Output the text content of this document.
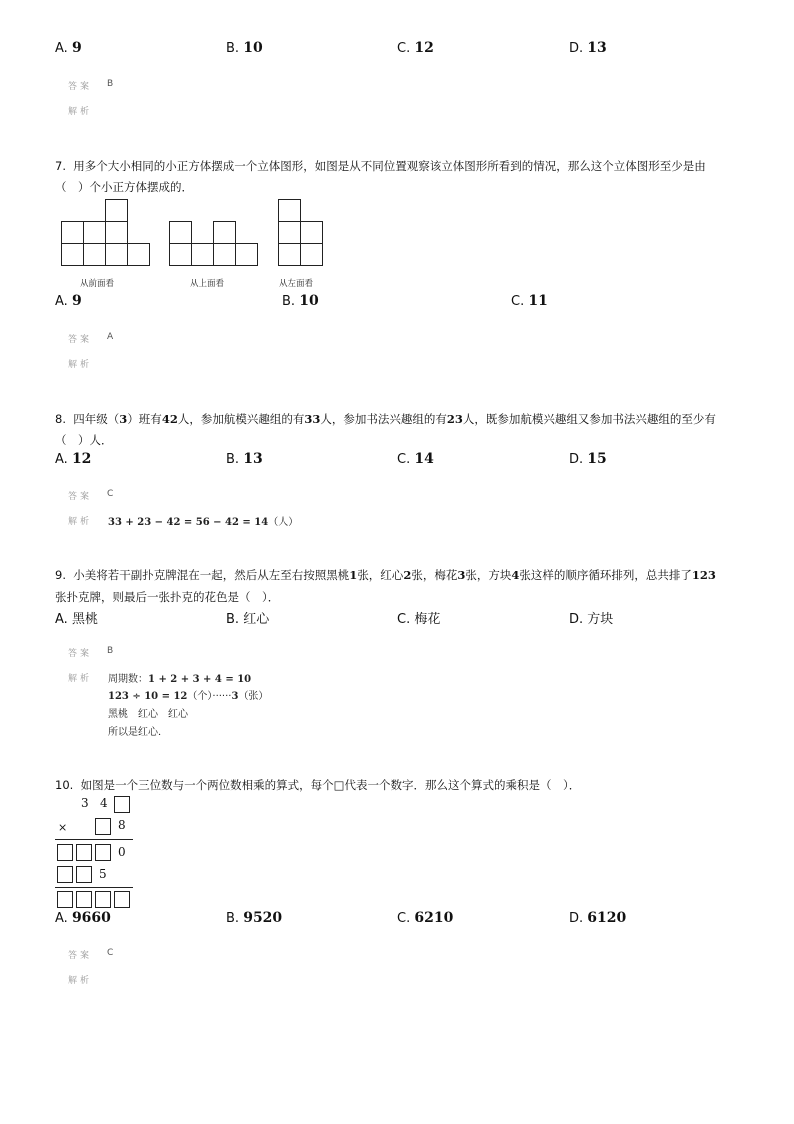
A. 9	B. 10	C. 12	D. 13
答案 B
解析
7. 用多个大小相同的小正方体摆成一个立体图形，如图是从不同位置观察该立体图形所看到的情况，那么这个立体图形至少是由
（　）个小正方体摆成的．
从前面看	从上面看	从左面看
A. 9	B. 10	C. 11
答案 A
解析
8. 四年级（3）班有42人，参加航模兴趣组的有33人，参加书法兴趣组的有23人，既参加航模兴趣组又参加书法兴趣组的至少有
（　）人．
A. 12	B. 13	C. 14	D. 15
答案 C
解析 33 + 23 − 42 = 56 − 42 = 14（人）
9. 小美将若干副扑克牌混在一起，然后从左至右按照黑桃1张，红心2张，梅花3张，方块4张这样的顺序循环排列，总共排了123
张扑克牌，则最后一张扑克的花色是（　）．
A. 黑桃	B. 红心	C. 梅花	D. 方块
答案 B
解析 周期数：1 + 2 + 3 + 4 = 10
123 ÷ 10 = 12（个）······3（张）
黑桃　红心　红心
所以是红心．
10. 如图是一个三位数与一个两位数相乘的算式，每个□代表一个数字．那么这个算式的乘积是（　）．
3 4
×	8
0
5
A. 9660	B. 9520	C. 6210	D. 6120
答案 C
解析
